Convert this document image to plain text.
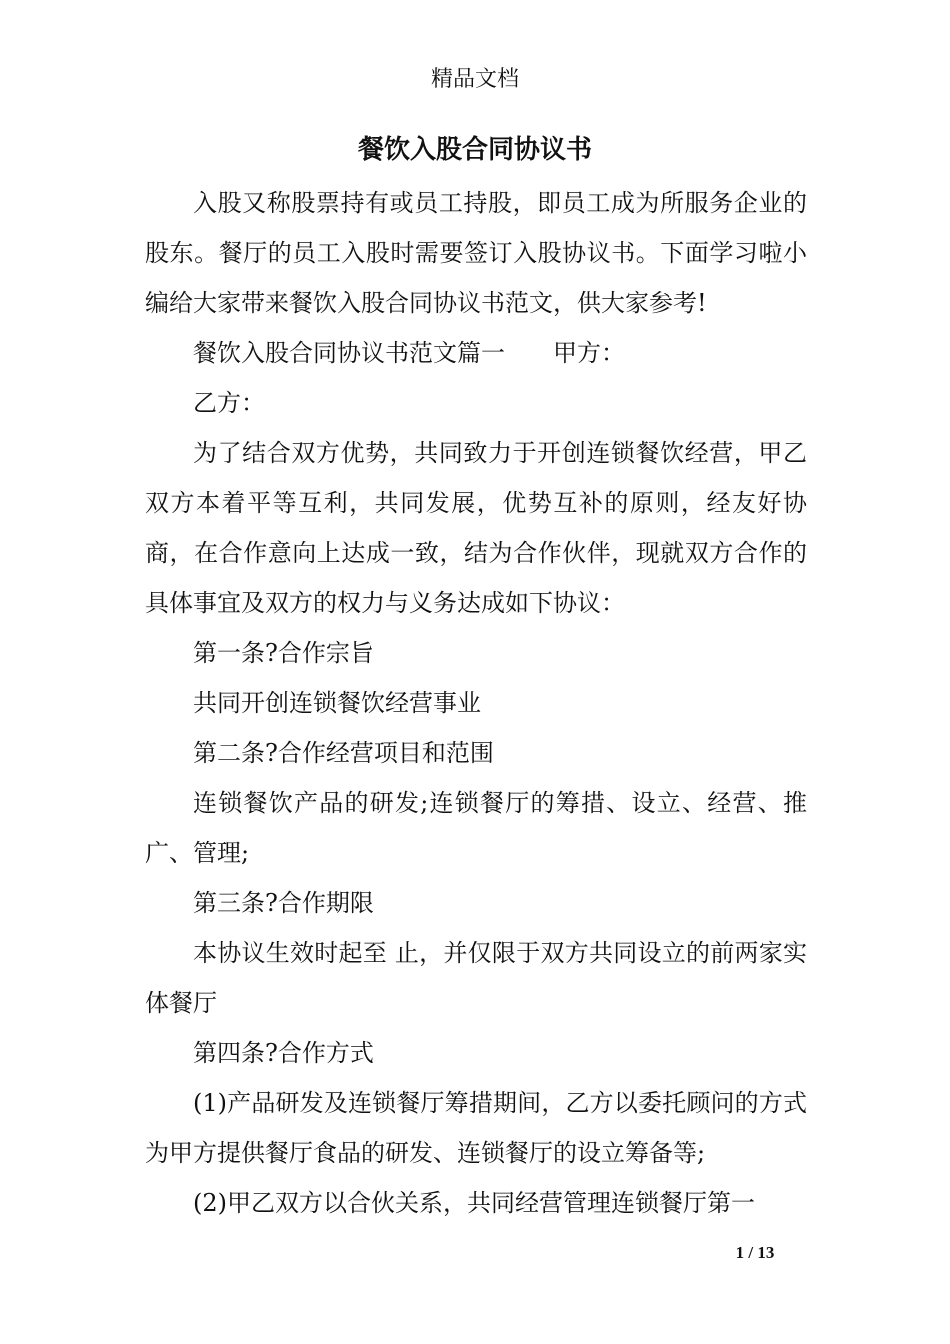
精品文档
餐饮入股合同协议书

入股又称股票持有或员工持股，即员工成为所服务企业的股东。餐厅的员工入股时需要签订入股协议书。下面学习啦小编给大家带来餐饮入股合同协议书范文，供大家参考!

餐饮入股合同协议书范文篇一　　甲方：

乙方：

为了结合双方优势，共同致力于开创连锁餐饮经营，甲乙双方本着平等互利，共同发展，优势互补的原则，经友好协商，在合作意向上达成一致，结为合作伙伴，现就双方合作的具体事宜及双方的权力与义务达成如下协议：

第一条?合作宗旨

共同开创连锁餐饮经营事业

第二条?合作经营项目和范围

连锁餐饮产品的研发;连锁餐厅的筹措、设立、经营、推广、管理;

第三条?合作期限

本协议生效时起至 止，并仅限于双方共同设立的前两家实体餐厅

第四条?合作方式

(1)产品研发及连锁餐厅筹措期间，乙方以委托顾问的方式为甲方提供餐厅食品的研发、连锁餐厅的设立筹备等;

(2)甲乙双方以合伙关系，共同经营管理连锁餐厅第一

1 / 13
